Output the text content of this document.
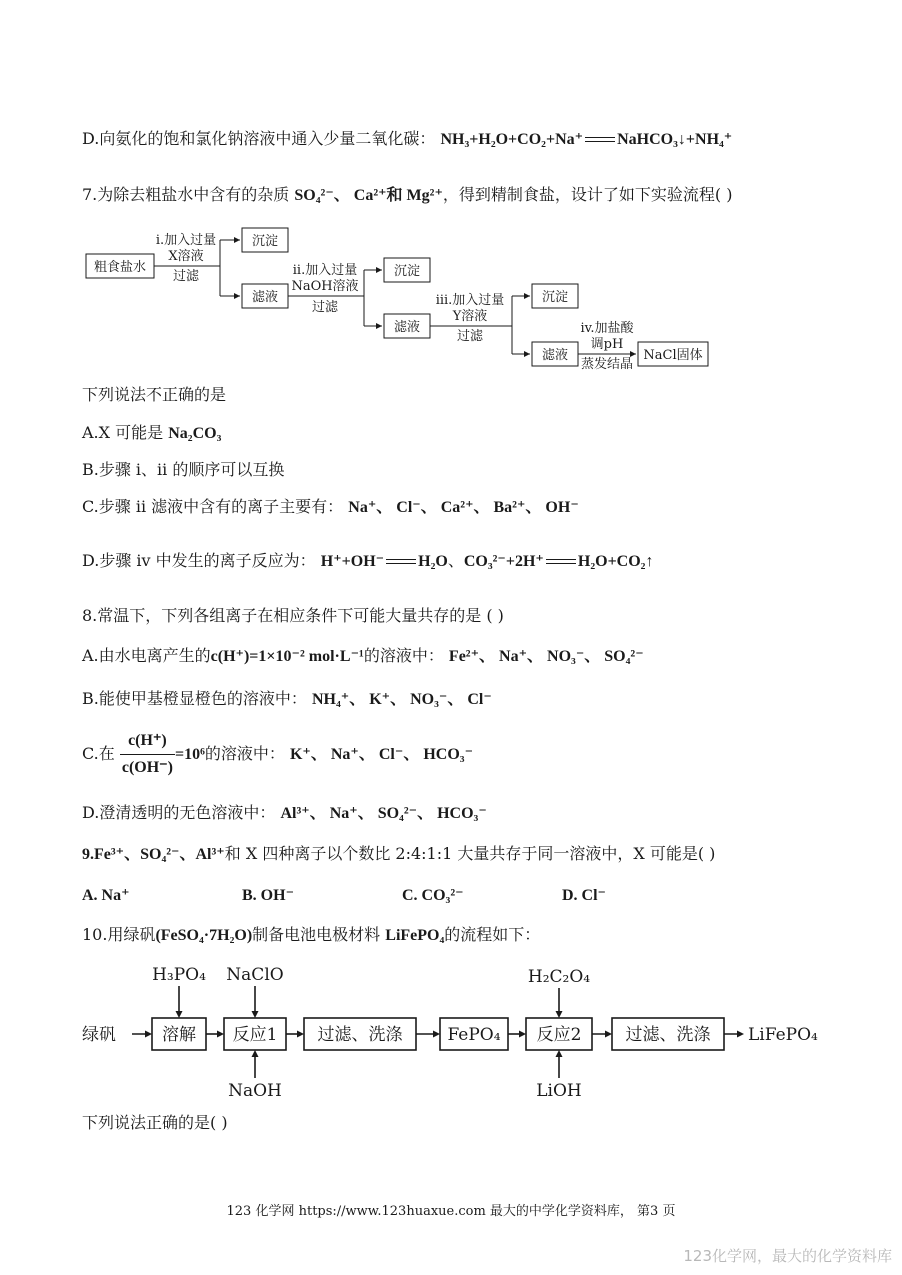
D.向氨化的饱和氯化钠溶液中通入少量二氧化碳： NH₃+H₂O+CO₂+Na⁺ NaHCO₃↓+NH₄⁺
7.为除去粗盐水中含有的杂质 SO₄²⁻、 Ca²⁺和 Mg²⁺，得到精制食盐，设计了如下实验流程( )
粗食盐水
沉淀
滤液
沉淀
滤液
沉淀
滤液	NaCl固体
i.加入过量
X溶液
过滤	ii.加入过量
NaOH溶液
过滤	iii.加入过量
Y溶液
过滤
iv.加盐酸
调pH
蒸发结晶
下列说法不正确的是
A.X 可能是 Na₂CO₃
B.步骤 i、ii 的顺序可以互换
C.步骤 ii 滤液中含有的离子主要有： Na⁺、 Cl⁻、 Ca²⁺、 Ba²⁺、 OH⁻
D.步骤 iv 中发生的离子反应为： H⁺+OH⁻ H₂O、CO₃²⁻+2H⁺ H₂O+CO₂↑
8.常温下，下列各组离子在相应条件下可能大量共存的是 ( )
A.由水电离产生的c(H⁺)=1×10⁻² mol·L⁻¹的溶液中： Fe²⁺、 Na⁺、 NO₃⁻、 SO₄²⁻
B.能使甲基橙显橙色的溶液中： NH₄⁺、 K⁺、 NO₃⁻、 Cl⁻
C.在 $\frac{c(H^+)}{c(OH^-)} =10^6$的溶液中： K⁺、 Na⁺、 Cl⁻、 HCO₃⁻
D.澄清透明的无色溶液中： Al³⁺、 Na⁺、 SO₄²⁻、 HCO₃⁻
9.Fe³⁺、SO₄²⁻、Al³⁺和 X 四种离子以个数比 2:4:1:1 大量共存于同一溶液中，X 可能是( )
A. Na⁺	B. OH⁻	C. CO₃²⁻	D. Cl⁻
10.用绿矾(FeSO₄·7H₂O)制备电池电极材料 LiFePO₄的流程如下：
绿矾	溶解 反应1 过滤、洗涤	FePO₄ 反应2	过滤、洗涤 LiFePO₄
H₃PO₄ NaClO
NaOH
H₂C₂O₄
LiOH
下列说法正确的是( )
123 化学网 https://www.123huaxue.com 最大的中学化学资料库， 第3 页
123化学网，最大的化学资料库
